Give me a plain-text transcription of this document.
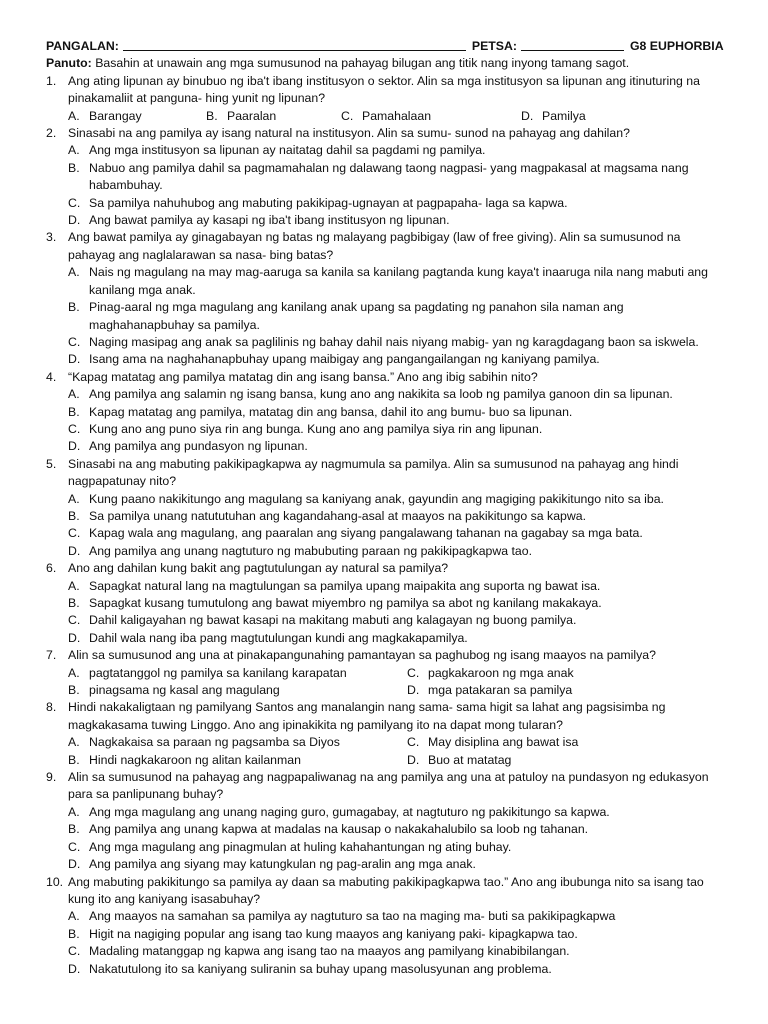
PANGALAN:	PETSA:	G8 EUPHORBIA
Panuto: Basahin at unawain ang mga sumusunod na pahayag bilugan ang titik nang inyong tamang sagot.
1. Ang ating lipunan ay binubuo ng iba't ibang institusyon o sektor. Alin sa mga institusyon sa lipunan ang itinuturing na pinakamaliit at pangunа- hing yunit ng lipunan?
A. Barangay	B. Paaralan	C. Pamahalaan	D. Pamilya
2. Sinasabi na ang pamilya ay isang natural na institusyon. Alin sa sumu- sunod na pahayag ang dahilan?
A. Ang mga institusyon sa lipunan ay naitatag dahil sa pagdami ng pamilya.
B. Nabuo ang pamilya dahil sa pagmamahalan ng dalawang taong nagpasi- yang magpakasal at magsama nang habambuhay.
C. Sa pamilya nahuhubog ang mabuting pakikipag-ugnayan at pagpapaha- laga sa kapwa.
D. Ang bawat pamilya ay kasapi ng iba't ibang institusyon ng lipunan.
3. Ang bawat pamilya ay ginagabayan ng batas ng malayang pagbibigay (law of free giving). Alin sa sumusunod na pahayag ang naglalarawan sa nasa- bing batas?
A. Nais ng magulang na may mag-aaruga sa kanila sa kanilang pagtanda kung kaya't inaaruga nila nang mabuti ang kanilang mga anak.
B. Pinag-aaral ng mga magulang ang kanilang anak upang sa pagdating ng panahon sila naman ang maghahanapbuhay sa pamilya.
C. Naging masipag ang anak sa paglilinis ng bahay dahil nais niyang mabig- yan ng karagdagang baon sa iskwela.
D. Isang ama na naghahanapbuhay upang maibigay ang pangangailangan ng kaniyang pamilya.
4. “Kapag matatag ang pamilya matatag din ang isang bansa.” Ano ang ibig sabihin nito?
A. Ang pamilya ang salamin ng isang bansa, kung ano ang nakikita sa loob ng pamilya ganoon din sa lipunan.
B. Kapag matatag ang pamilya, matatag din ang bansa, dahil ito ang bumu- buo sa lipunan.
C. Kung ano ang puno siya rin ang bunga. Kung ano ang pamilya siya rin ang lipunan.
D. Ang pamilya ang pundasyon ng lipunan.
5. Sinasabi na ang mabuting pakikipagkapwa ay nagmumula sa pamilya. Alin sa sumusunod na pahayag ang hindi nagpapatunay nito?
A. Kung paano nakikitungo ang magulang sa kaniyang anak, gayundin ang magiging pakikitungo nito sa iba.
B. Sa pamilya unang natututuhan ang kagandahang-asal at maayos na pakikitungo sa kapwa.
C. Kapag wala ang magulang, ang paaralan ang siyang pangalawang tahanan na gagabay sa mga bata.
D. Ang pamilya ang unang nagtuturo ng mabubuting paraan ng pakikipagkapwa tao.
6. Ano ang dahilan kung bakit ang pagtutulungan ay natural sa pamilya?
A. Sapagkat natural lang na magtulungan sa pamilya upang maipakita ang suporta ng bawat isa.
B. Sapagkat kusang tumutulong ang bawat miyembro ng pamilya sa abot ng kanilang makakaya.
C. Dahil kaligayahan ng bawat kasapi na makitang mabuti ang kalagayan ng buong pamilya.
D. Dahil wala nang iba pang magtutulungan kundi ang magkakapamilya.
7. Alin sa sumusunod ang una at pinakapangunahing pamantayan sa paghubog ng isang maayos na pamilya?
A. pagtatanggol ng pamilya sa kanilang karapatan	C. pagkakaroon ng mga anak
B. pinagsama ng kasal ang magulang	D. mga patakaran sa pamilya
8. Hindi nakakaligtaan ng pamilyang Santos ang manalangin nang sama- sama higit sa lahat ang pagsisimba ng magkakasama tuwing Linggo. Ano ang ipinakikita ng pamilyang ito na dapat mong tularan?
A. Nagkakaisa sa paraan ng pagsamba sa Diyos	C. May disiplina ang bawat isa
B. Hindi nagkakaroon ng alitan kailanman	D. Buo at matatag
9. Alin sa sumusunod na pahayag ang nagpapaliwanag na ang pamilya ang una at patuloy na pundasyon ng edukasyon para sa panlipunang buhay?
A. Ang mga magulang ang unang naging guro, gumagabay, at nagtuturo ng pakikitungo sa kapwa.
B. Ang pamilya ang unang kapwa at madalas na kausap o nakakahalubilo sa loob ng tahanan.
C. Ang mga magulang ang pinagmulan at huling kahahantungan ng ating buhay.
D. Ang pamilya ang siyang may katungkulan ng pag-aralin ang mga anak.
10. Ang mabuting pakikitungo sa pamilya ay daan sa mabuting pakikipagkapwa tao.” Ano ang ibubunga nito sa isang tao kung ito ang kaniyang isasabuhay?
A. Ang maayos na samahan sa pamilya ay nagtuturo sa tao na maging ma- buti sa pakikipagkapwa
B. Higit na nagiging popular ang isang tao kung maayos ang kaniyang paki- kipagkapwa tao.
C. Madaling matanggap ng kapwa ang isang tao na maayos ang pamilyang kinabibilangan.
D. Nakatutulong ito sa kaniyang suliranin sa buhay upang masolusyunan ang problema.
